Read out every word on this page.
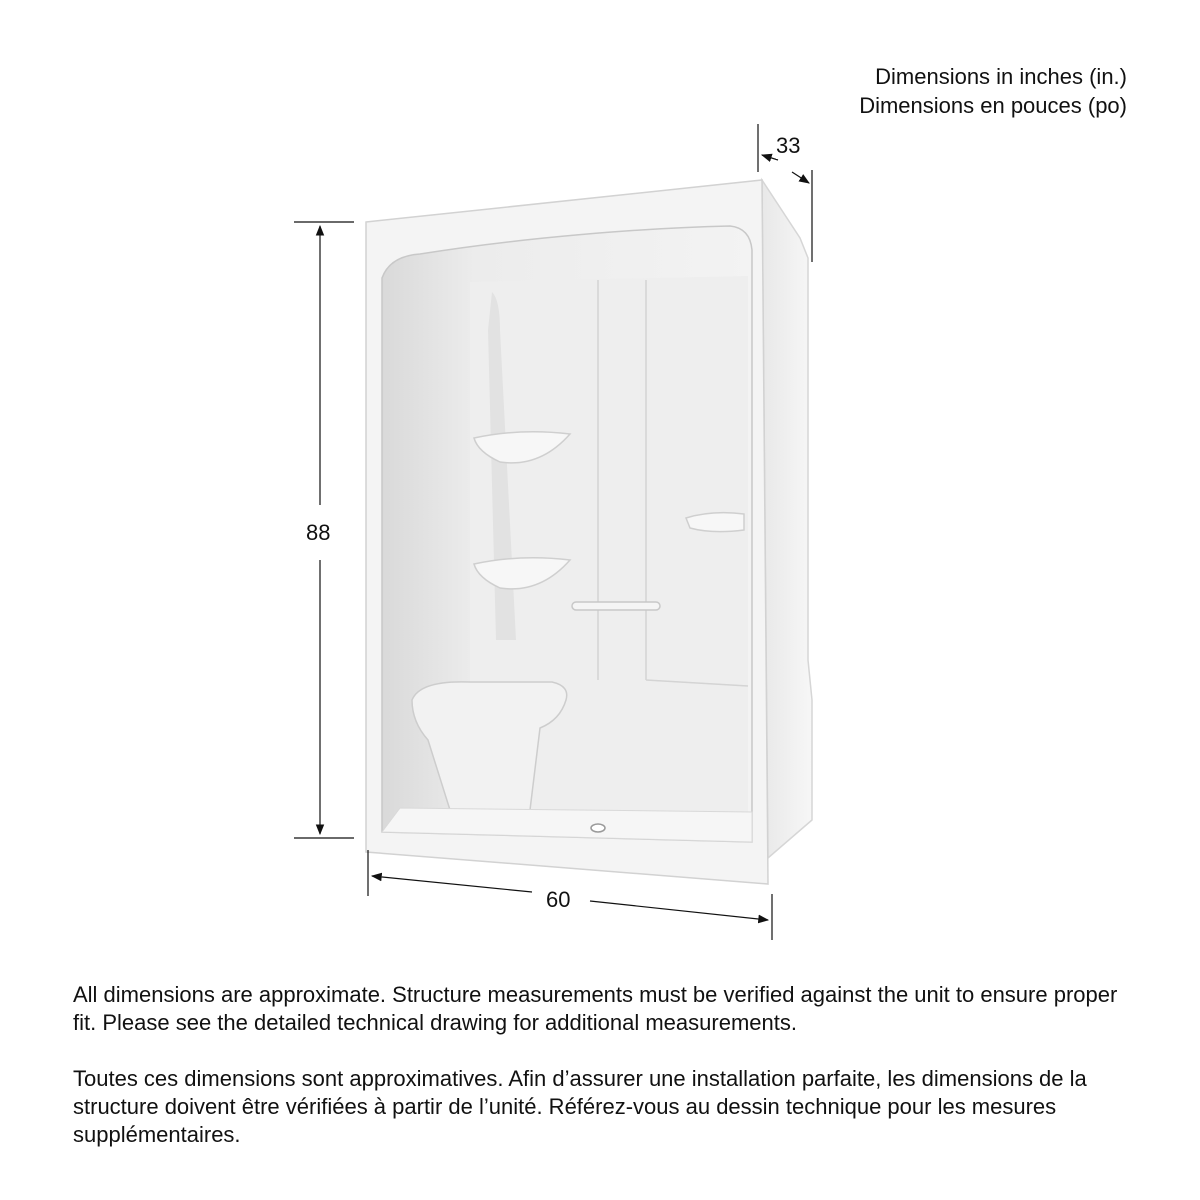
Dimensions in inches (in.)
Dimensions en pouces (po)
33
88
60

All dimensions are approximate. Structure measurements must be verified against the unit to ensure proper fit. Please see the detailed technical drawing for additional measurements.

Toutes ces dimensions sont approximatives. Afin d’assurer une installation parfaite, les dimensions de la structure doivent être vérifiées à partir de l’unité. Référez-vous au dessin technique pour les mesures supplémentaires.
